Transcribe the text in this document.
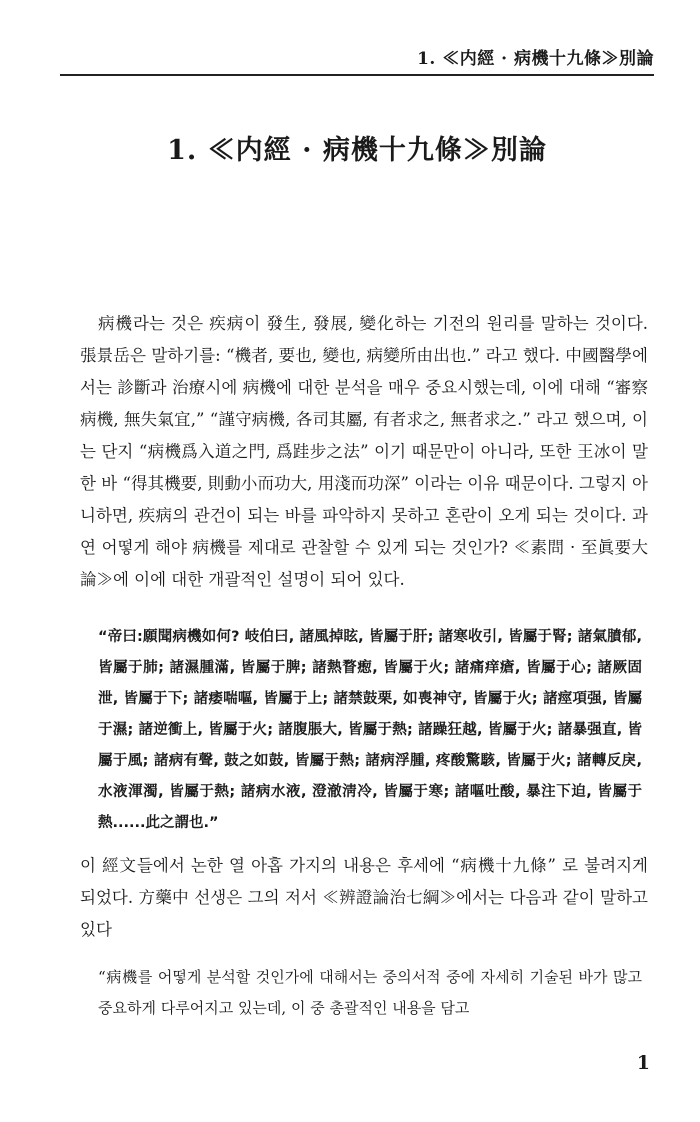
1. ≪内經 · 病機十九條≫別論
1. ≪内經 · 病機十九條≫別論

病機라는 것은 疾病이 發生, 發展, 變化하는 기전의 원리를 말하는 것이다. 張景岳은 말하기를: “機者, 要也, 變也, 病變所由出也.” 라고 했다. 中國醫學에서는 診斷과 治療시에 病機에 대한 분석을 매우 중요시했는데, 이에 대해 “審察病機, 無失氣宜,” “謹守病機, 各司其屬, 有者求之, 無者求之.” 라고 했으며, 이는 단지 “病機爲入道之門, 爲跬步之法” 이기 때문만이 아니라, 또한 王冰이 말한 바 “得其機要, 則動小而功大, 用淺而功深” 이라는 이유 때문이다. 그렇지 아니하면, 疾病의 관건이 되는 바를 파악하지 못하고 혼란이 오게 되는 것이다. 과연 어떻게 해야 病機를 제대로 관찰할 수 있게 되는 것인가? ≪素問 · 至眞要大論≫에 이에 대한 개괄적인 설명이 되어 있다.

“帝曰:願聞病機如何? 岐伯曰, 諸風掉眩, 皆屬于肝; 諸寒收引, 皆屬于腎; 諸氣膹郁, 皆屬于肺; 諸濕腫滿, 皆屬于脾; 諸熱瞀瘛, 皆屬于火; 諸痛痒瘡, 皆屬于心; 諸厥固泄, 皆屬于下; 諸痿喘嘔, 皆屬于上; 諸禁鼓栗, 如喪神守, 皆屬于火; 諸痙項强, 皆屬于濕; 諸逆衝上, 皆屬于火; 諸腹脹大, 皆屬于熱; 諸躁狂越, 皆屬于火; 諸暴强直, 皆屬于風; 諸病有聲, 鼓之如鼓, 皆屬于熱; 諸病浮腫, 疼酸驚駭, 皆屬于火; 諸轉反戾, 水液渾濁, 皆屬于熱; 諸病水液, 澄澈淸冷, 皆屬于寒; 諸嘔吐酸, 暴注下迫, 皆屬于熱......此之謂也.”

이 經文들에서 논한 열 아홉 가지의 내용은 후세에 “病機十九條” 로 불려지게 되었다. 方藥中 선생은 그의 저서 ≪辨證論治七綱≫에서는 다음과 같이 말하고 있다

“病機를 어떻게 분석할 것인가에 대해서는 중의서적 중에 자세히 기술된 바가 많고 중요하게 다루어지고 있는데, 이 중 총괄적인 내용을 담고

1
